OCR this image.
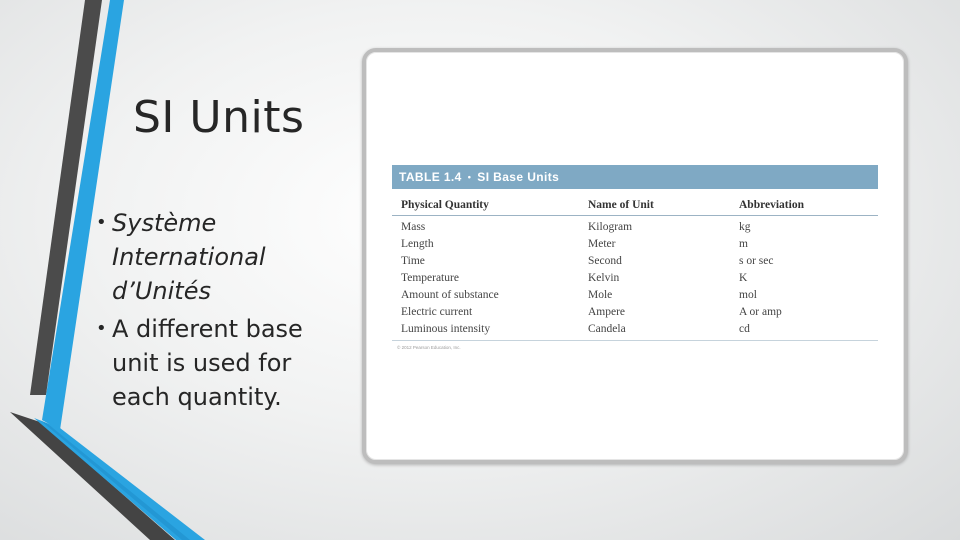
SI Units
• Système International d’Unités
• A different base unit is used for each quantity.
TABLE 1.4 • SI Base Units
Physical Quantity	Name of Unit	Abbreviation
Mass	Kilogram	kg
Length	Meter	m
Time	Second	s or sec
Temperature	Kelvin	K
Amount of substance	Mole	mol
Electric current	Ampere	A or amp
Luminous intensity	Candela	cd
© 2012 Pearson Education, Inc.
